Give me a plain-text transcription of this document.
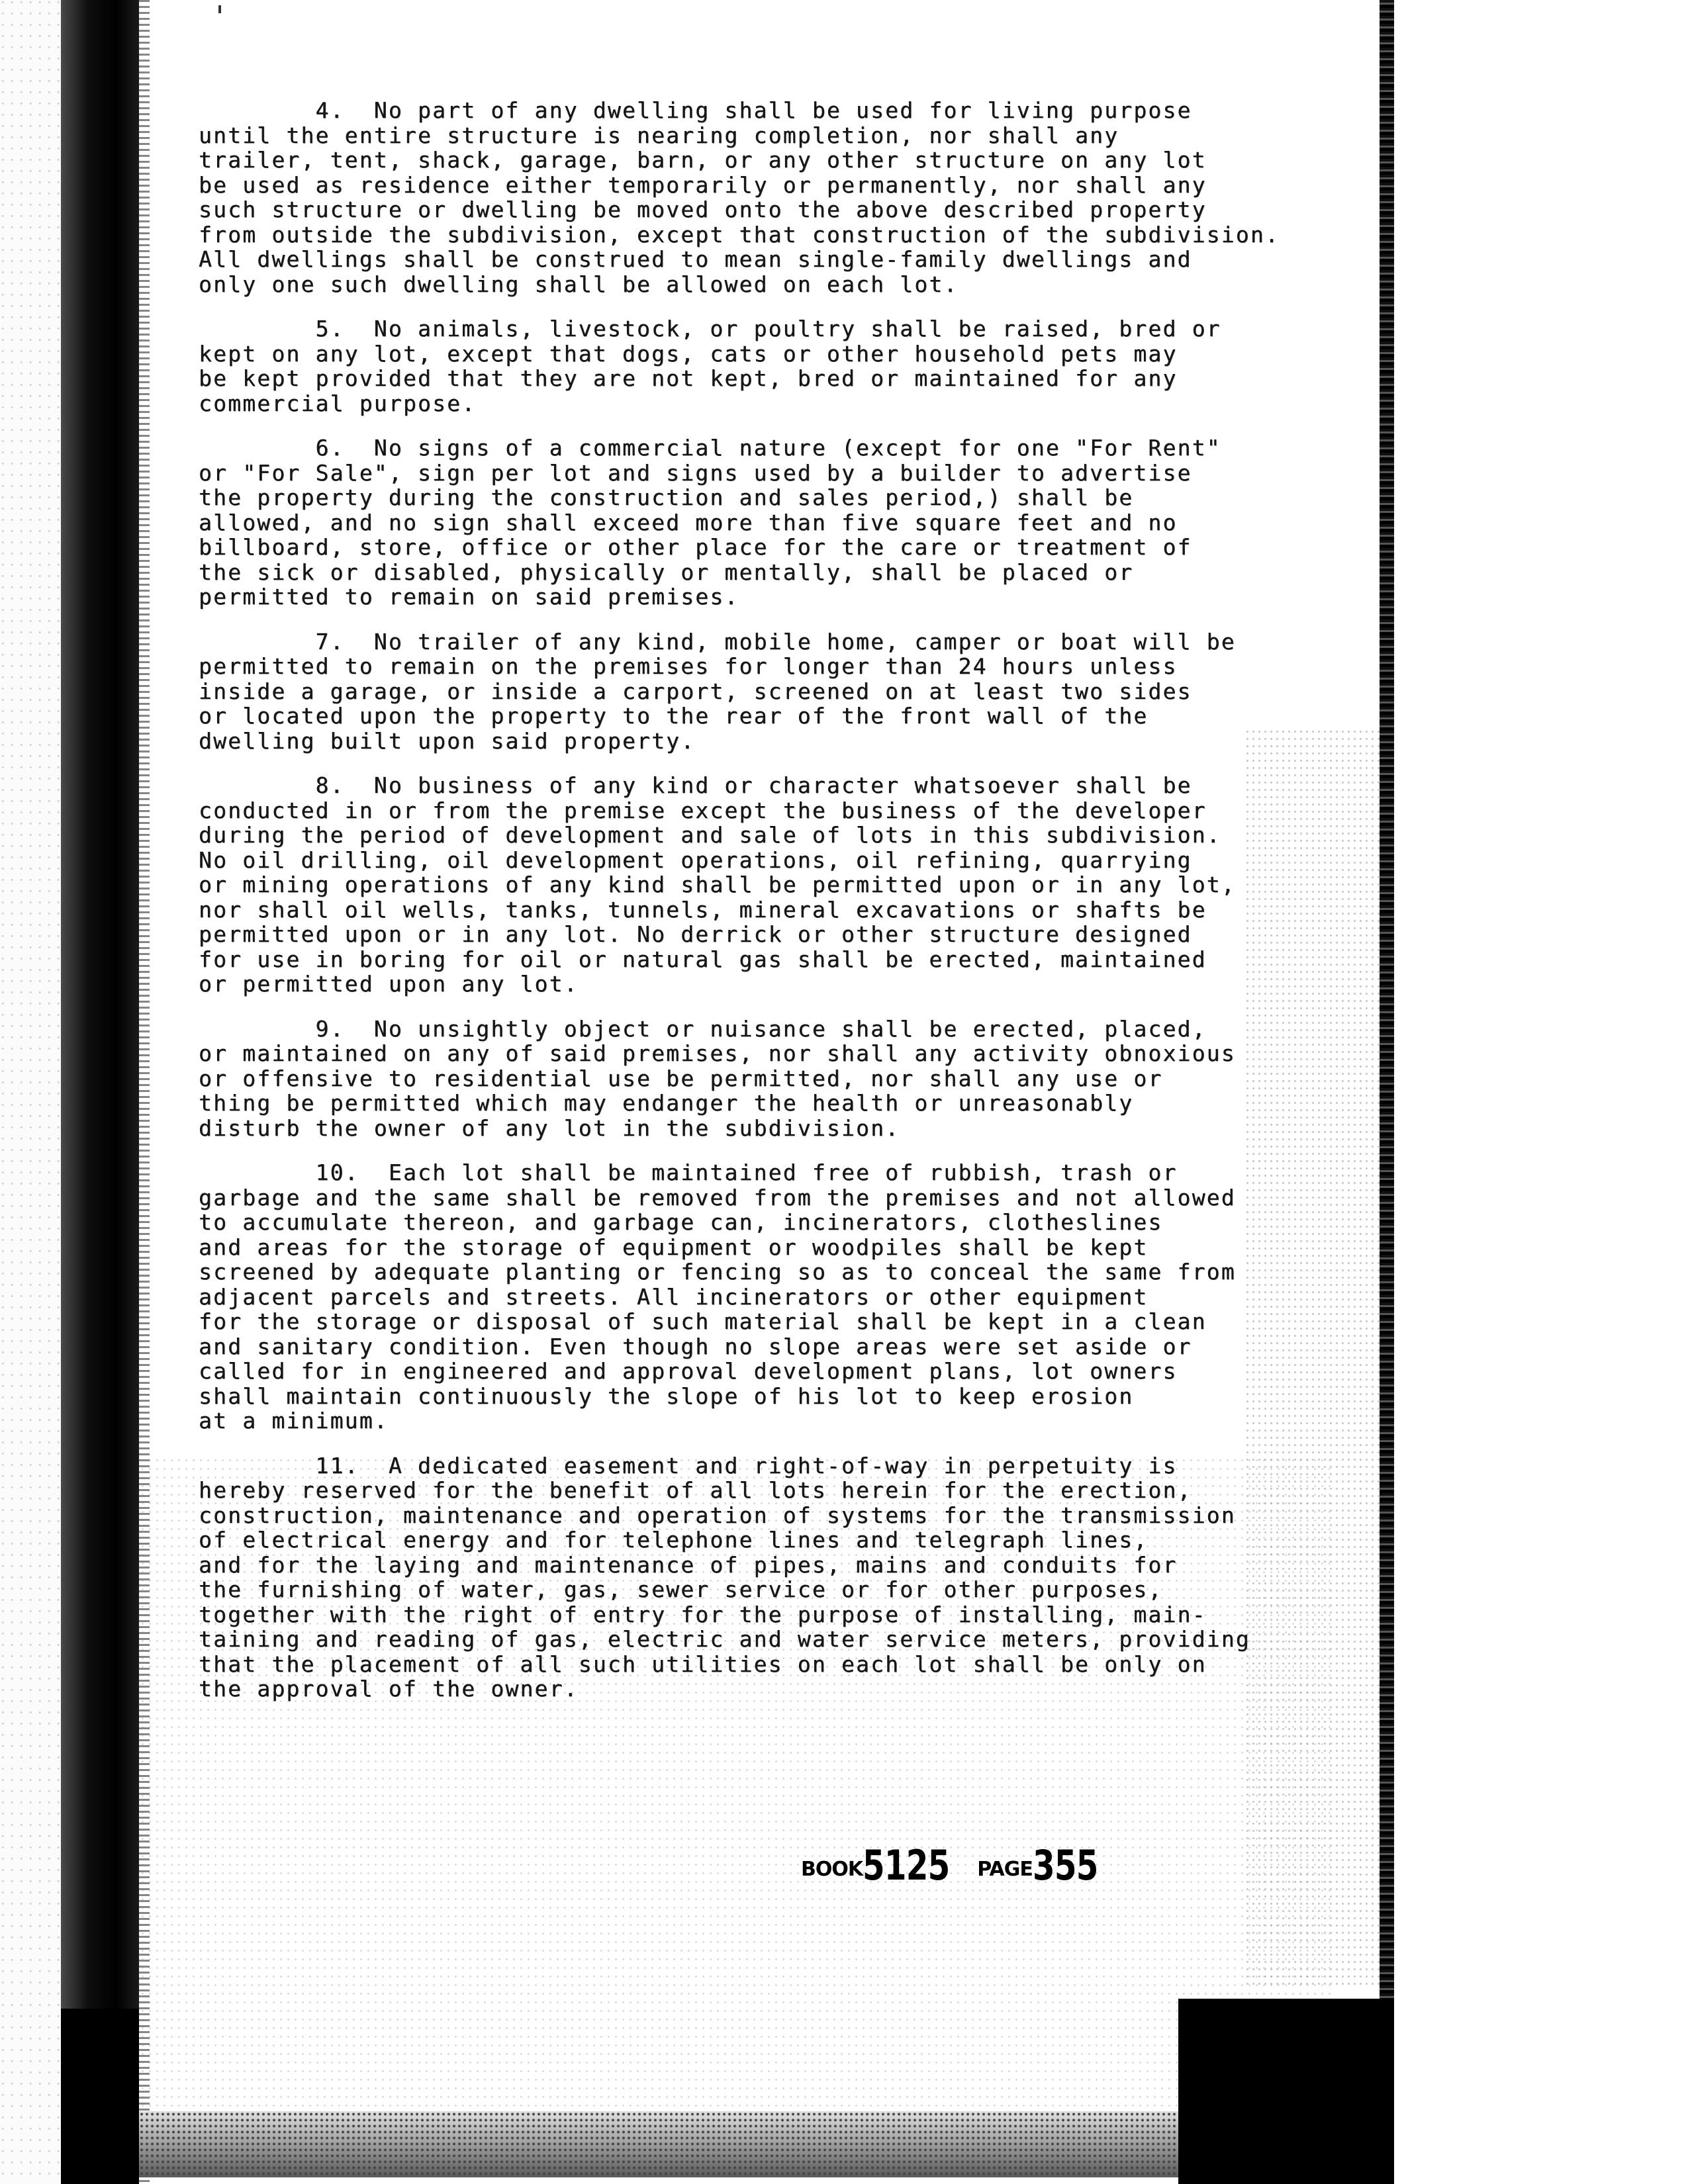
4.  No part of any dwelling shall be used for living purpose
until the entire structure is nearing completion, nor shall any
trailer, tent, shack, garage, barn, or any other structure on any lot
be used as residence either temporarily or permanently, nor shall any
such structure or dwelling be moved onto the above described property
from outside the subdivision, except that construction of the subdivision.
All dwellings shall be construed to mean single-family dwellings and
only one such dwelling shall be allowed on each lot.
5.  No animals, livestock, or poultry shall be raised, bred or
kept on any lot, except that dogs, cats or other household pets may
be kept provided that they are not kept, bred or maintained for any
commercial purpose.
6.  No signs of a commercial nature (except for one "For Rent"
or "For Sale", sign per lot and signs used by a builder to advertise
the property during the construction and sales period,) shall be
allowed, and no sign shall exceed more than five square feet and no
billboard, store, office or other place for the care or treatment of
the sick or disabled, physically or mentally, shall be placed or
permitted to remain on said premises.
7.  No trailer of any kind, mobile home, camper or boat will be
permitted to remain on the premises for longer than 24 hours unless
inside a garage, or inside a carport, screened on at least two sides
or located upon the property to the rear of the front wall of the
dwelling built upon said property.
8.  No business of any kind or character whatsoever shall be
conducted in or from the premise except the business of the developer
during the period of development and sale of lots in this subdivision.
No oil drilling, oil development operations, oil refining, quarrying
or mining operations of any kind shall be permitted upon or in any lot,
nor shall oil wells, tanks, tunnels, mineral excavations or shafts be
permitted upon or in any lot. No derrick or other structure designed
for use in boring for oil or natural gas shall be erected, maintained
or permitted upon any lot.
9.  No unsightly object or nuisance shall be erected, placed,
or maintained on any of said premises, nor shall any activity obnoxious
or offensive to residential use be permitted, nor shall any use or
thing be permitted which may endanger the health or unreasonably
disturb the owner of any lot in the subdivision.
10.  Each lot shall be maintained free of rubbish, trash or
garbage and the same shall be removed from the premises and not allowed
to accumulate thereon, and garbage can, incinerators, clotheslines
and areas for the storage of equipment or woodpiles shall be kept
screened by adequate planting or fencing so as to conceal the same from
adjacent parcels and streets. All incinerators or other equipment
for the storage or disposal of such material shall be kept in a clean
and sanitary condition. Even though no slope areas were set aside or
called for in engineered and approval development plans, lot owners
shall maintain continuously the slope of his lot to keep erosion
at a minimum.
11.  A dedicated easement and right-of-way in perpetuity is
hereby reserved for the benefit of all lots herein for the erection,
construction, maintenance and operation of systems for the transmission
of electrical energy and for telephone lines and telegraph lines,
and for the laying and maintenance of pipes, mains and conduits for
the furnishing of water, gas, sewer service or for other purposes,
together with the right of entry for the purpose of installing, main-
taining and reading of gas, electric and water service meters, providing
that the placement of all such utilities on each lot shall be only on
the approval of the owner.
BOOK5125 PAGE355
